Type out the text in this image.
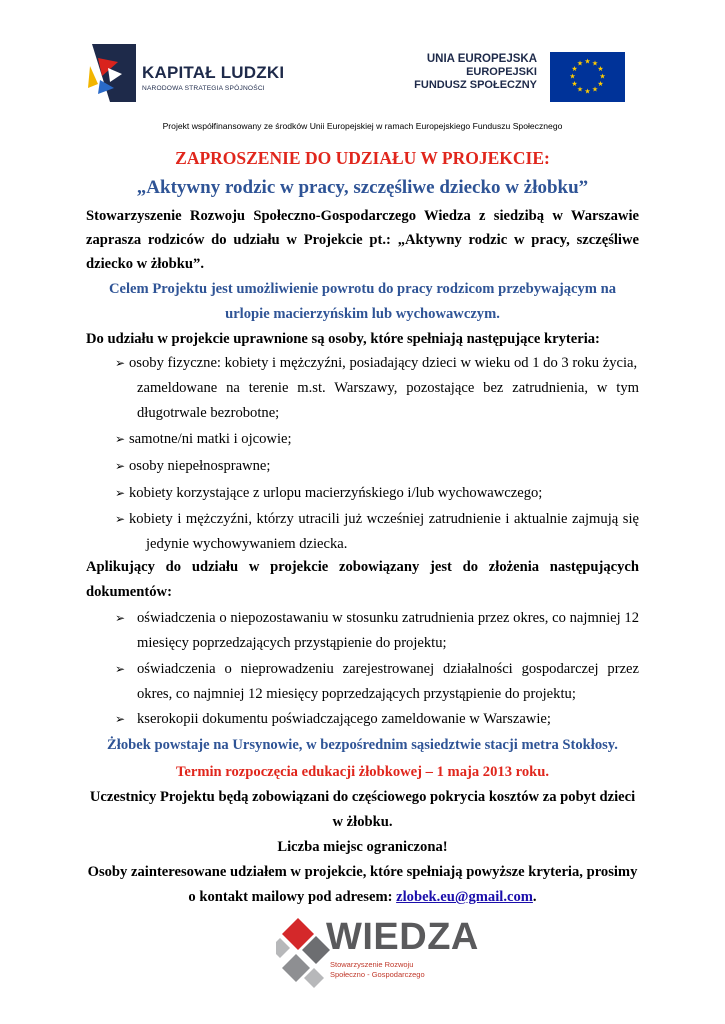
KAPITAŁ LUDZKI
NARODOWA STRATEGIA SPÓJNOŚCI
UNIA EUROPEJSKA
EUROPEJSKI
FUNDUSZ SPOŁECZNY
★ ★
★
★
★
★
★
★
★
★
★
★
Projekt współfinansowany ze środków Unii Europejskiej w ramach Europejskiego Funduszu Społecznego
ZAPROSZENIE DO UDZIAŁU W PROJEKCIE:
„Aktywny rodzic w pracy, szczęśliwe dziecko w żłobku”
Stowarzyszenie Rozwoju Społeczno-Gospodarczego Wiedza z siedzibą w Warszawie
zaprasza rodziców do udziału w Projekcie pt.: „Aktywny rodzic w pracy, szczęśliwe
dziecko w żłobku”.
Celem Projektu jest umożliwienie powrotu do pracy rodzicom przebywającym na
urlopie macierzyńskim lub wychowawczym.
Do udziału w projekcie uprawnione są osoby, które spełniają następujące kryteria:
➢ osoby fizyczne: kobiety i mężczyźni, posiadający dzieci w wieku od 1 do 3 roku życia,
zameldowane na terenie m.st. Warszawy, pozostające bez zatrudnienia, w tym
długotrwale bezrobotne;
➢ samotne/ni matki i ojcowie;
➢ osoby niepełnosprawne;
➢ kobiety korzystające z urlopu macierzyńskiego i/lub wychowawczego;
➢ kobiety i mężczyźni, którzy utracili już wcześniej zatrudnienie i aktualnie zajmują się
jedynie wychowywaniem dziecka.
Aplikujący do udziału w projekcie zobowiązany jest do złożenia następujących
dokumentów:
➢ oświadczenia o niepozostawaniu w stosunku zatrudnienia przez okres, co najmniej 12
miesięcy poprzedzających przystąpienie do projektu;
➢ oświadczenia o nieprowadzeniu zarejestrowanej działalności gospodarczej przez
okres, co najmniej 12 miesięcy poprzedzających przystąpienie do projektu;
➢ kserokopii dokumentu poświadczającego zameldowanie w Warszawie;
Żłobek powstaje na Ursynowie, w bezpośrednim sąsiedztwie stacji metra Stokłosy.
Termin rozpoczęcia edukacji żłobkowej – 1 maja 2013 roku.
Uczestnicy Projektu będą zobowiązani do częściowego pokrycia kosztów za pobyt dzieci
w żłobku.
Liczba miejsc ograniczona!
Osoby zainteresowane udziałem w projekcie, które spełniają powyższe kryteria, prosimy
o kontakt mailowy pod adresem: zlobek.eu@gmail.com.
WIEDZA
Stowarzyszenie Rozwoju
Społeczno - Gospodarczego
